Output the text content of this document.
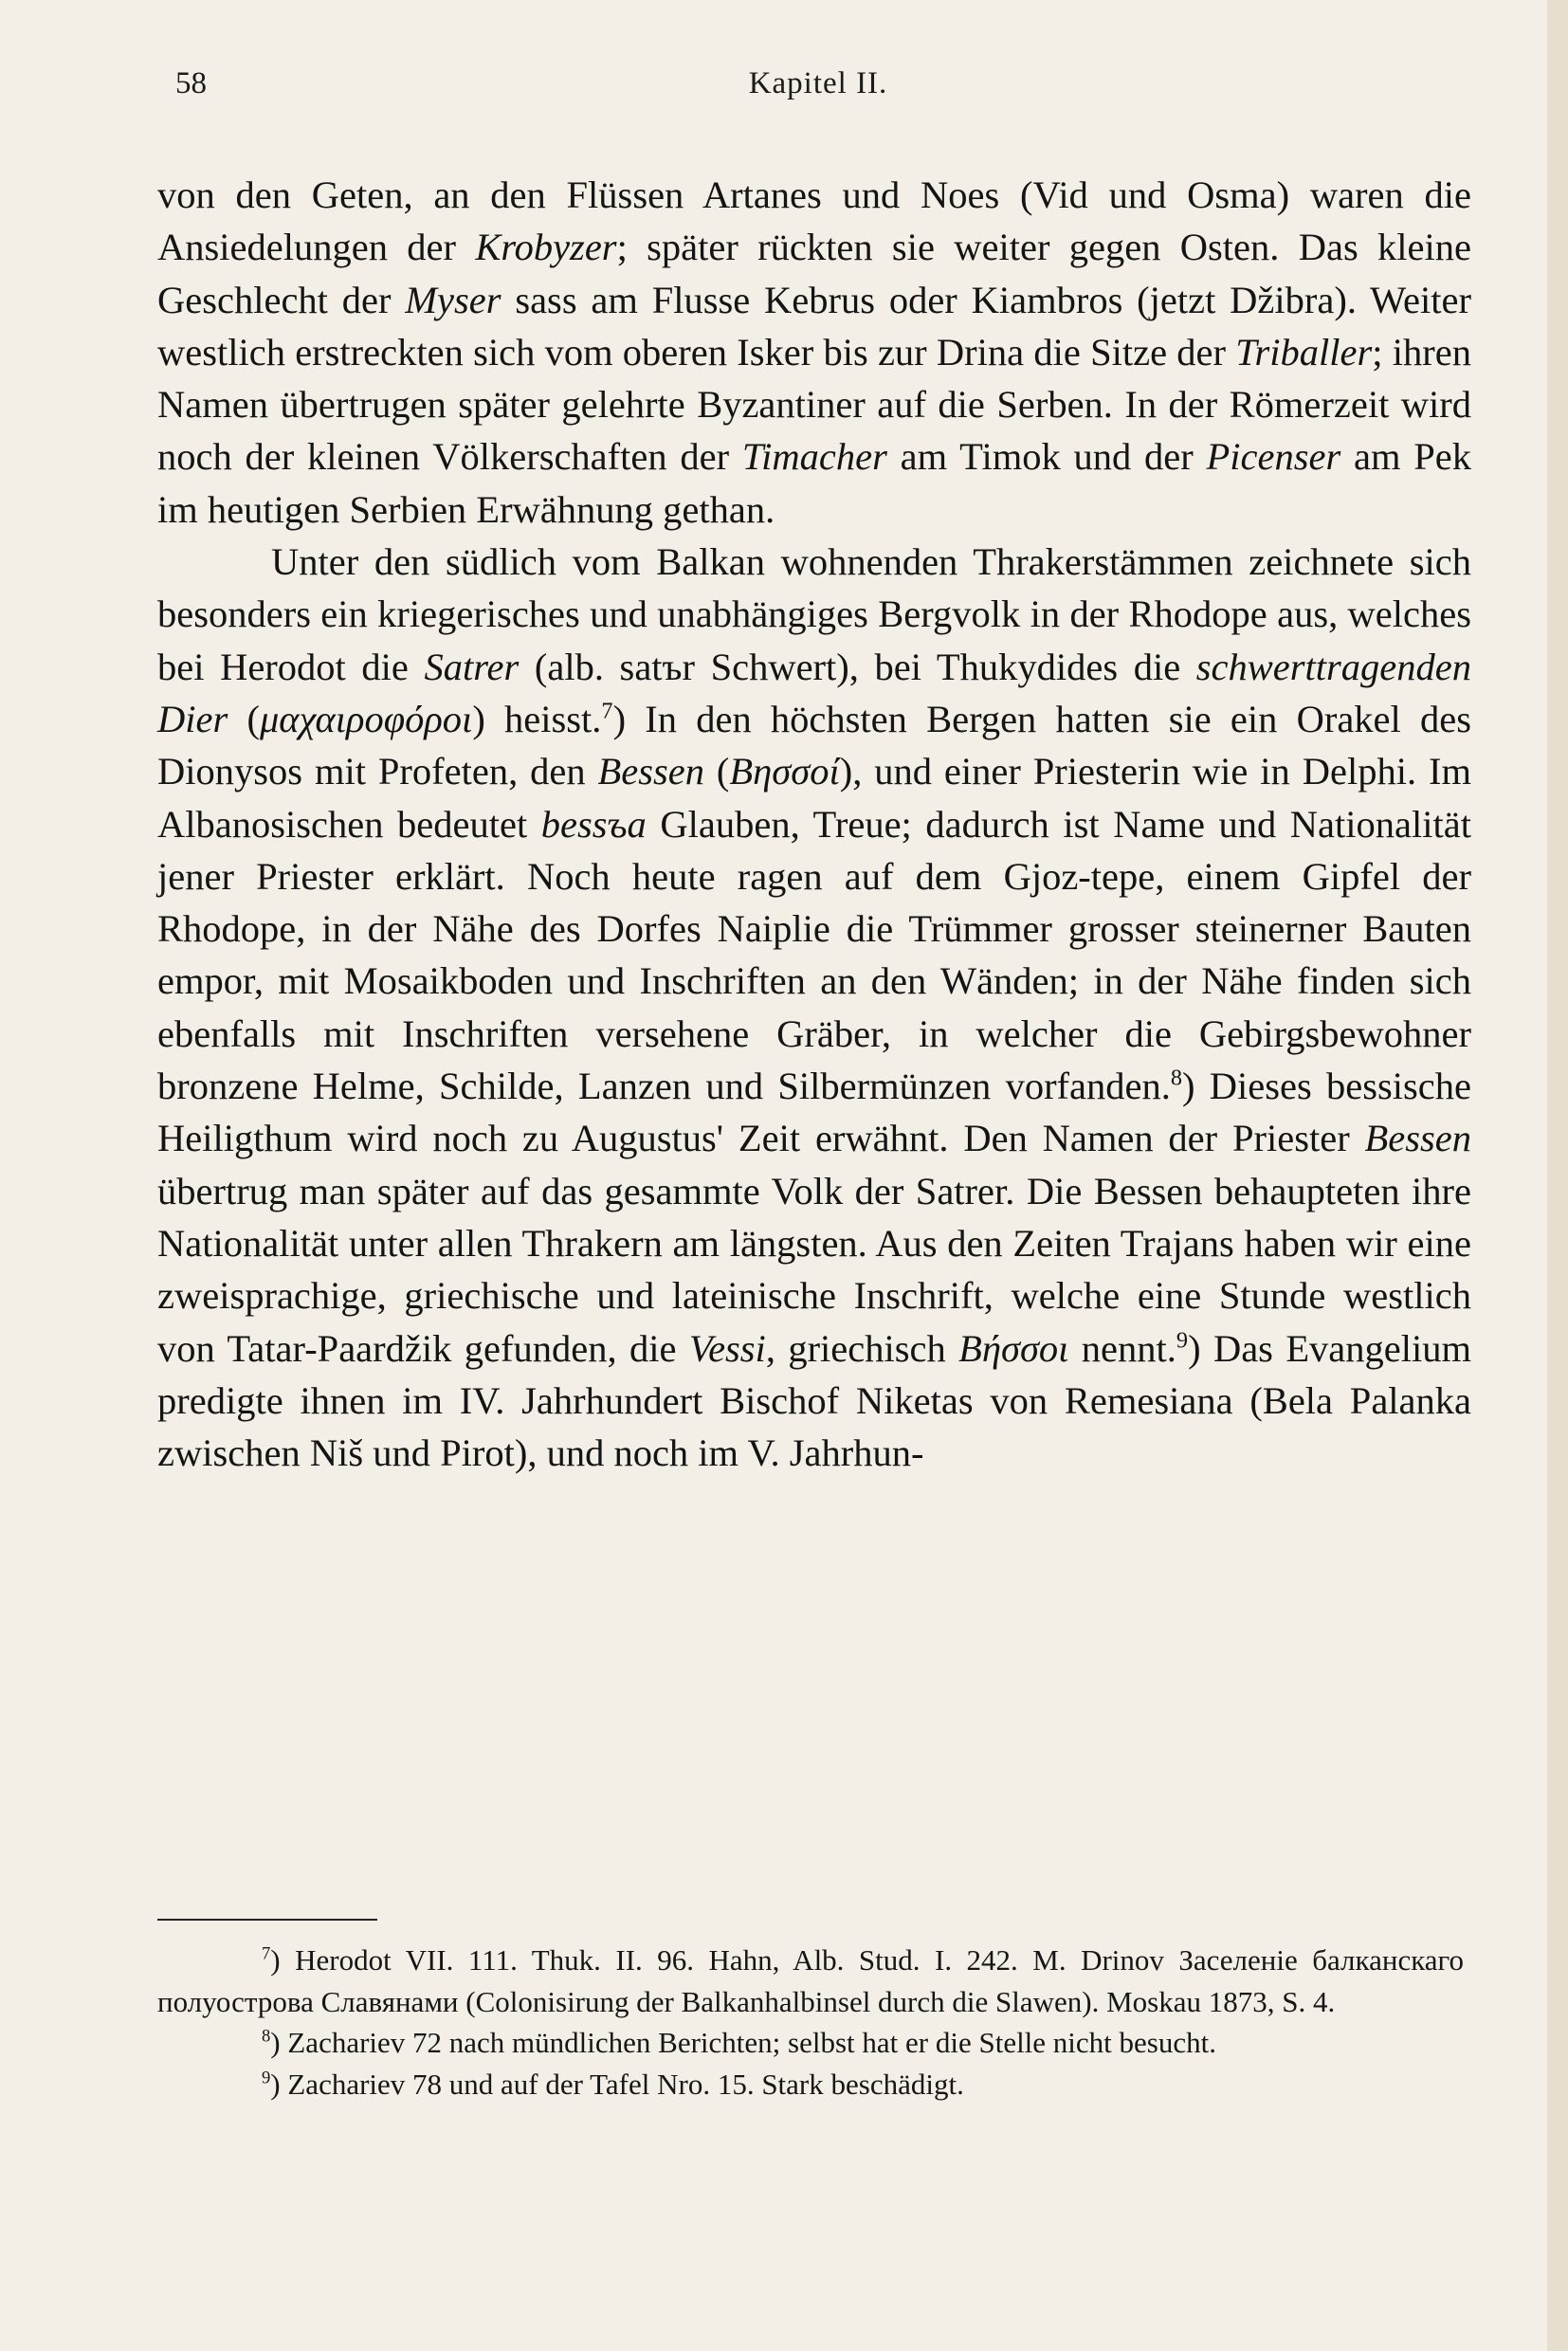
58	Kapitel II.

von den Geten, an den Flüssen Artanes und Noes (Vid und Osma) waren die Ansiedelungen der Krobyzer; später rückten sie weiter gegen Osten. Das kleine Geschlecht der Myser sass am Flusse Kebrus oder Kiambros (jetzt Džibra). Weiter westlich erstreckten sich vom oberen Isker bis zur Drina die Sitze der Triballer; ihren Namen übertrugen später gelehrte Byzantiner auf die Serben. In der Römerzeit wird noch der kleinen Völkerschaften der Timacher am Timok und der Picenser am Pek im heutigen Serbien Erwähnung gethan.

Unter den südlich vom Balkan wohnenden Thrakerstämmen zeichnete sich besonders ein kriegerisches und unabhängiges Bergvolk in der Rhodope aus, welches bei Herodot die Satrer (alb. satъr Schwert), bei Thukydides die schwerttragenden Dier (μαχαιροφόροι) heisst.$^7$) In den höchsten Bergen hatten sie ein Orakel des Dionysos mit Profeten, den Bessen (Βησσοί), und einer Priesterin wie in Delphi. Im Albanosischen bedeutet bessъa Glauben, Treue; dadurch ist Name und Nationalität jener Priester erklärt. Noch heute ragen auf dem Gjoz-tepe, einem Gipfel der Rhodope, in der Nähe des Dorfes Naiplie die Trümmer grosser steinerner Bauten empor, mit Mosaikboden und Inschriften an den Wänden; in der Nähe finden sich ebenfalls mit Inschriften versehene Gräber, in welcher die Gebirgsbewohner bronzene Helme, Schilde, Lanzen und Silbermünzen vorfanden.$^8$) Dieses bessische Heiligthum wird noch zu Augustus' Zeit erwähnt. Den Namen der Priester Bessen übertrug man später auf das gesammte Volk der Satrer. Die Bessen behaupteten ihre Nationalität unter allen Thrakern am längsten. Aus den Zeiten Trajans haben wir eine zweisprachige, griechische und lateinische Inschrift, welche eine Stunde westlich von Tatar-Paardžik gefunden, die Vessi, griechisch Βήσσοι nennt.$^9$) Das Evangelium predigte ihnen im IV. Jahrhundert Bischof Niketas von Remesiana (Bela Palanka zwischen Niš und Pirot), und noch im V. Jahrhun-

$^7$) Herodot VII. 111. Thuk. II. 96. Hahn, Alb. Stud. I. 242. M. Drinov Заселеніе балканскаго полуострова Славянами (Colonisirung der Balkanhalbinsel durch die Slawen). Moskau 1873, S. 4.

$^8$) Zachariev 72 nach mündlichen Berichten; selbst hat er die Stelle nicht besucht.

$^9$) Zachariev 78 und auf der Tafel Nro. 15. Stark beschädigt.
